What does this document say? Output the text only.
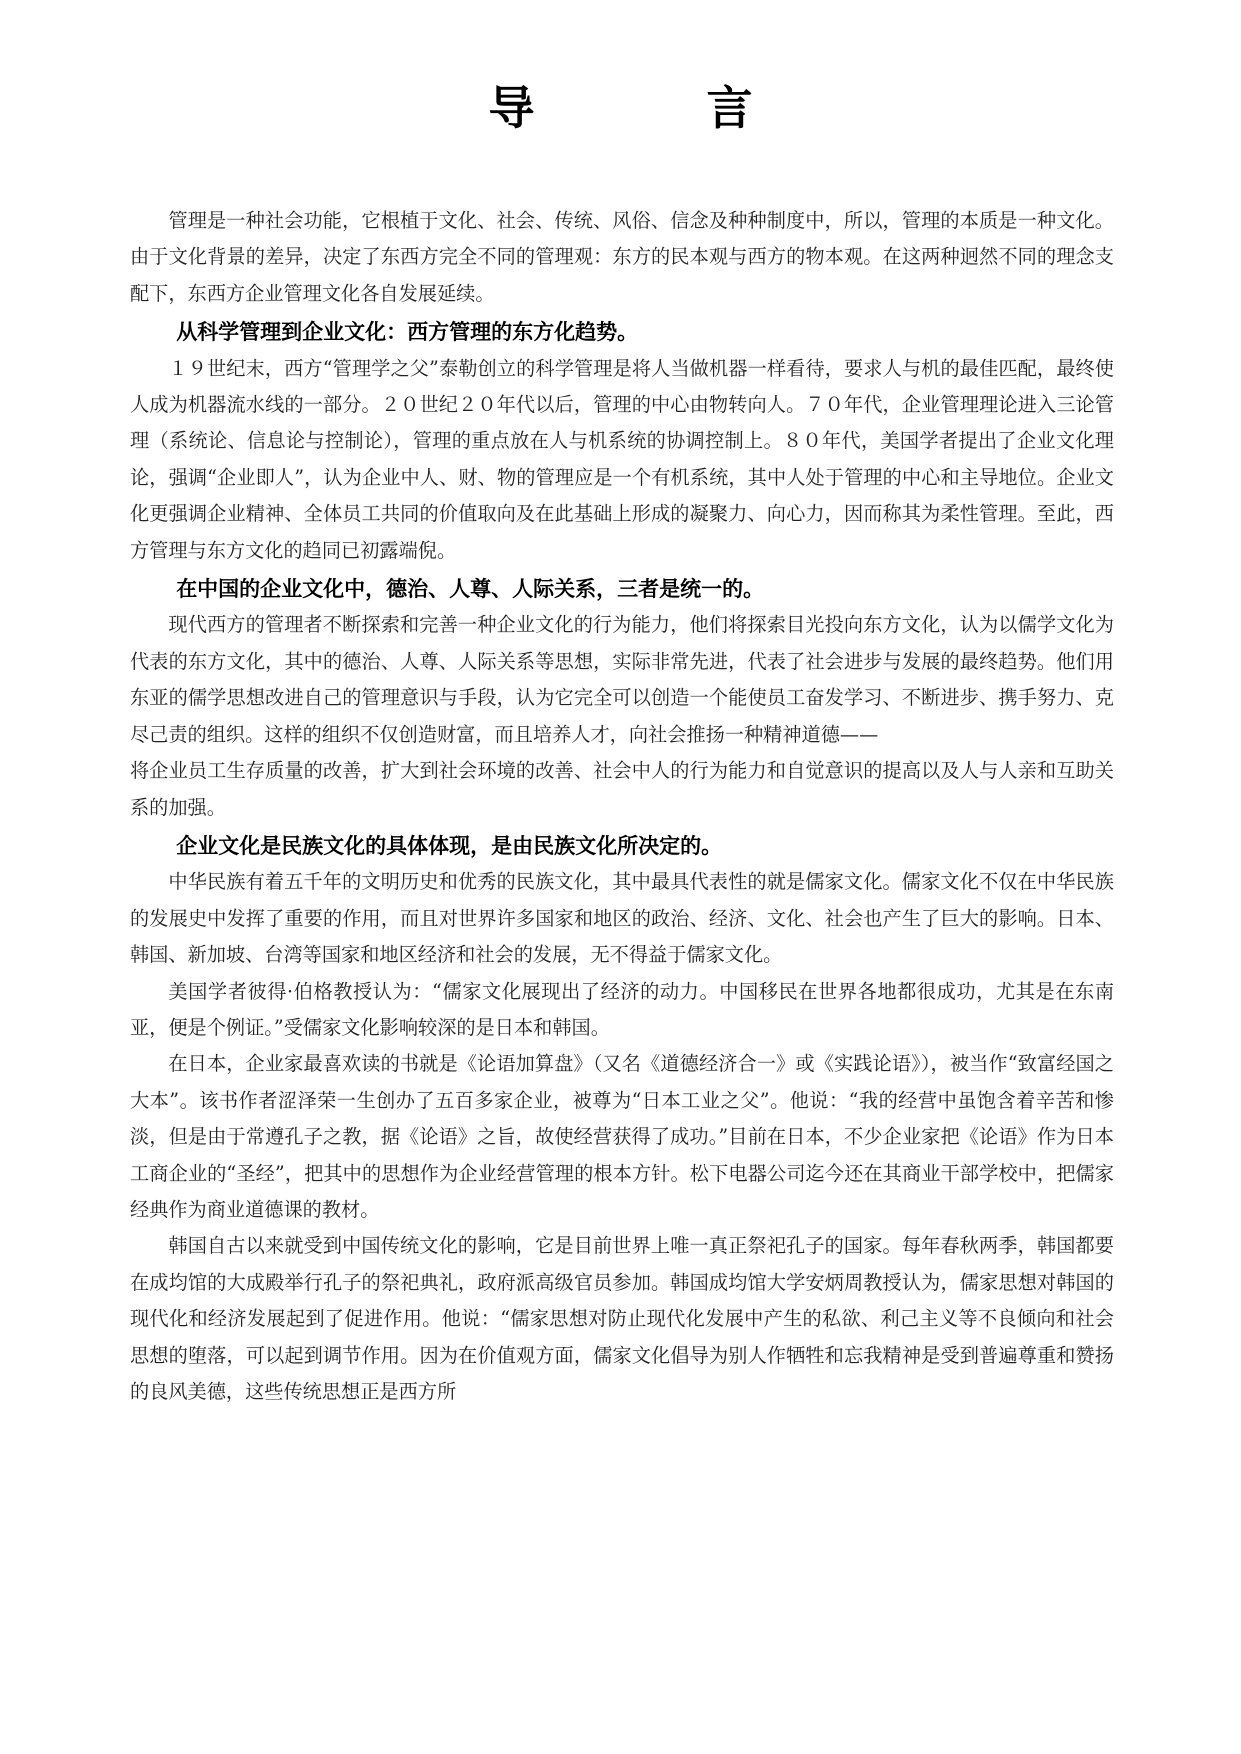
导 言

管理是一种社会功能，它根植于文化、社会、传统、风俗、信念及种种制度中，所以，管理的本质是一种文化。由于文化背景的差异，决定了东西方完全不同的管理观：东方的民本观与西方的物本观。在这两种迥然不同的理念支配下，东西方企业管理文化各自发展延续。

从科学管理到企业文化：西方管理的东方化趋势。

１９世纪末，西方“管理学之父”泰勒创立的科学管理是将人当做机器一样看待，要求人与机的最佳匹配，最终使人成为机器流水线的一部分。２０世纪２０年代以后，管理的中心由物转向人。７０年代，企业管理理论进入三论管理（系统论、信息论与控制论），管理的重点放在人与机系统的协调控制上。８０年代，美国学者提出了企业文化理论，强调“企业即人”，认为企业中人、财、物的管理应是一个有机系统，其中人处于管理的中心和主导地位。企业文化更强调企业精神、全体员工共同的价值取向及在此基础上形成的凝聚力、向心力，因而称其为柔性管理。至此，西方管理与东方文化的趋同已初露端倪。

在中国的企业文化中，德治、人尊、人际关系，三者是统一的。

现代西方的管理者不断探索和完善一种企业文化的行为能力，他们将探索目光投向东方文化，认为以儒学文化为代表的东方文化，其中的德治、人尊、人际关系等思想，实际非常先进，代表了社会进步与发展的最终趋势。他们用东亚的儒学思想改进自己的管理意识与手段，认为它完全可以创造一个能使员工奋发学习、不断进步、携手努力、克尽己责的组织。这样的组织不仅创造财富，而且培养人才，向社会推扬一种精神道德——

将企业员工生存质量的改善，扩大到社会环境的改善、社会中人的行为能力和自觉意识的提高以及人与人亲和互助关系的加强。

企业文化是民族文化的具体体现，是由民族文化所决定的。

中华民族有着五千年的文明历史和优秀的民族文化，其中最具代表性的就是儒家文化。儒家文化不仅在中华民族的发展史中发挥了重要的作用，而且对世界许多国家和地区的政治、经济、文化、社会也产生了巨大的影响。日本、韩国、新加坡、台湾等国家和地区经济和社会的发展，无不得益于儒家文化。

美国学者彼得·伯格教授认为：“儒家文化展现出了经济的动力。中国移民在世界各地都很成功，尤其是在东南亚，便是个例证。”受儒家文化影响较深的是日本和韩国。

在日本，企业家最喜欢读的书就是《论语加算盘》（又名《道德经济合一》或《实践论语》），被当作“致富经国之大本”。该书作者涩泽荣一生创办了五百多家企业，被尊为“日本工业之父”。他说：“我的经营中虽饱含着辛苦和惨淡，但是由于常遵孔子之教，据《论语》之旨，故使经营获得了成功。”目前在日本，不少企业家把《论语》作为日本工商企业的“圣经”，把其中的思想作为企业经营管理的根本方针。松下电器公司迄今还在其商业干部学校中，把儒家经典作为商业道德课的教材。

韩国自古以来就受到中国传统文化的影响，它是目前世界上唯一真正祭祀孔子的国家。每年春秋两季，韩国都要在成均馆的大成殿举行孔子的祭祀典礼，政府派高级官员参加。韩国成均馆大学安炳周教授认为，儒家思想对韩国的现代化和经济发展起到了促进作用。他说：“儒家思想对防止现代化发展中产生的私欲、利己主义等不良倾向和社会思想的堕落，可以起到调节作用。因为在价值观方面，儒家文化倡导为别人作牺牲和忘我精神是受到普遍尊重和赞扬的良风美德，这些传统思想正是西方所
